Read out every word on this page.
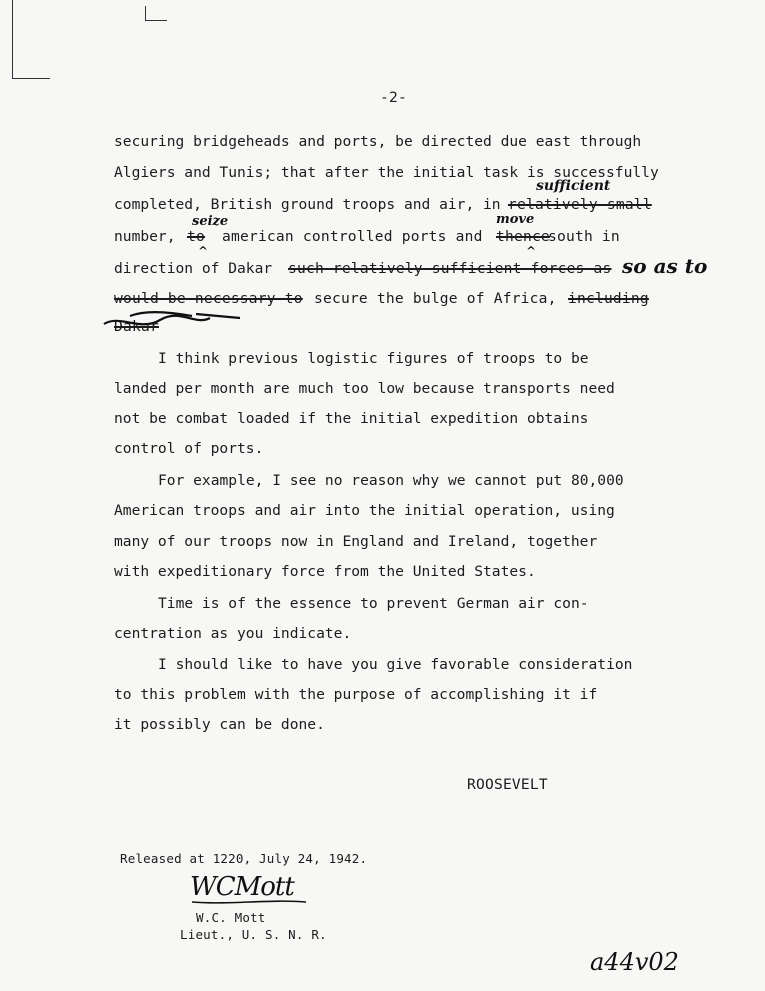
-2-
securing bridgeheads and ports, be directed due east through
Algiers and Tunis; that after the initial task is successfully
sufficient
completed, British ground troops and air, in relatively small
seize	move
number, to american controlled ports and thence
south in
^	^
direction of Dakar such relatively sufficient forces as so as to
would be necessary to secure the bulge of Africa, including
Dakar
I think previous logistic figures of troops to be
landed per month are much too low because transports need
not be combat loaded if the initial expedition obtains
control of ports.
For example, I see no reason why we cannot put 80,000
American troops and air into the initial operation, using
many of our troops now in England and Ireland, together
with expeditionary force from the United States.
Time is of the essence to prevent German air con-
centration as you indicate.
I should like to have you give favorable consideration
to this problem with the purpose of accomplishing it if
it possibly can be done.
ROOSEVELT
Released at 1220, July 24, 1942.
WCMott
W.C. Mott
Lieut., U. S. N. R.
a44v02
